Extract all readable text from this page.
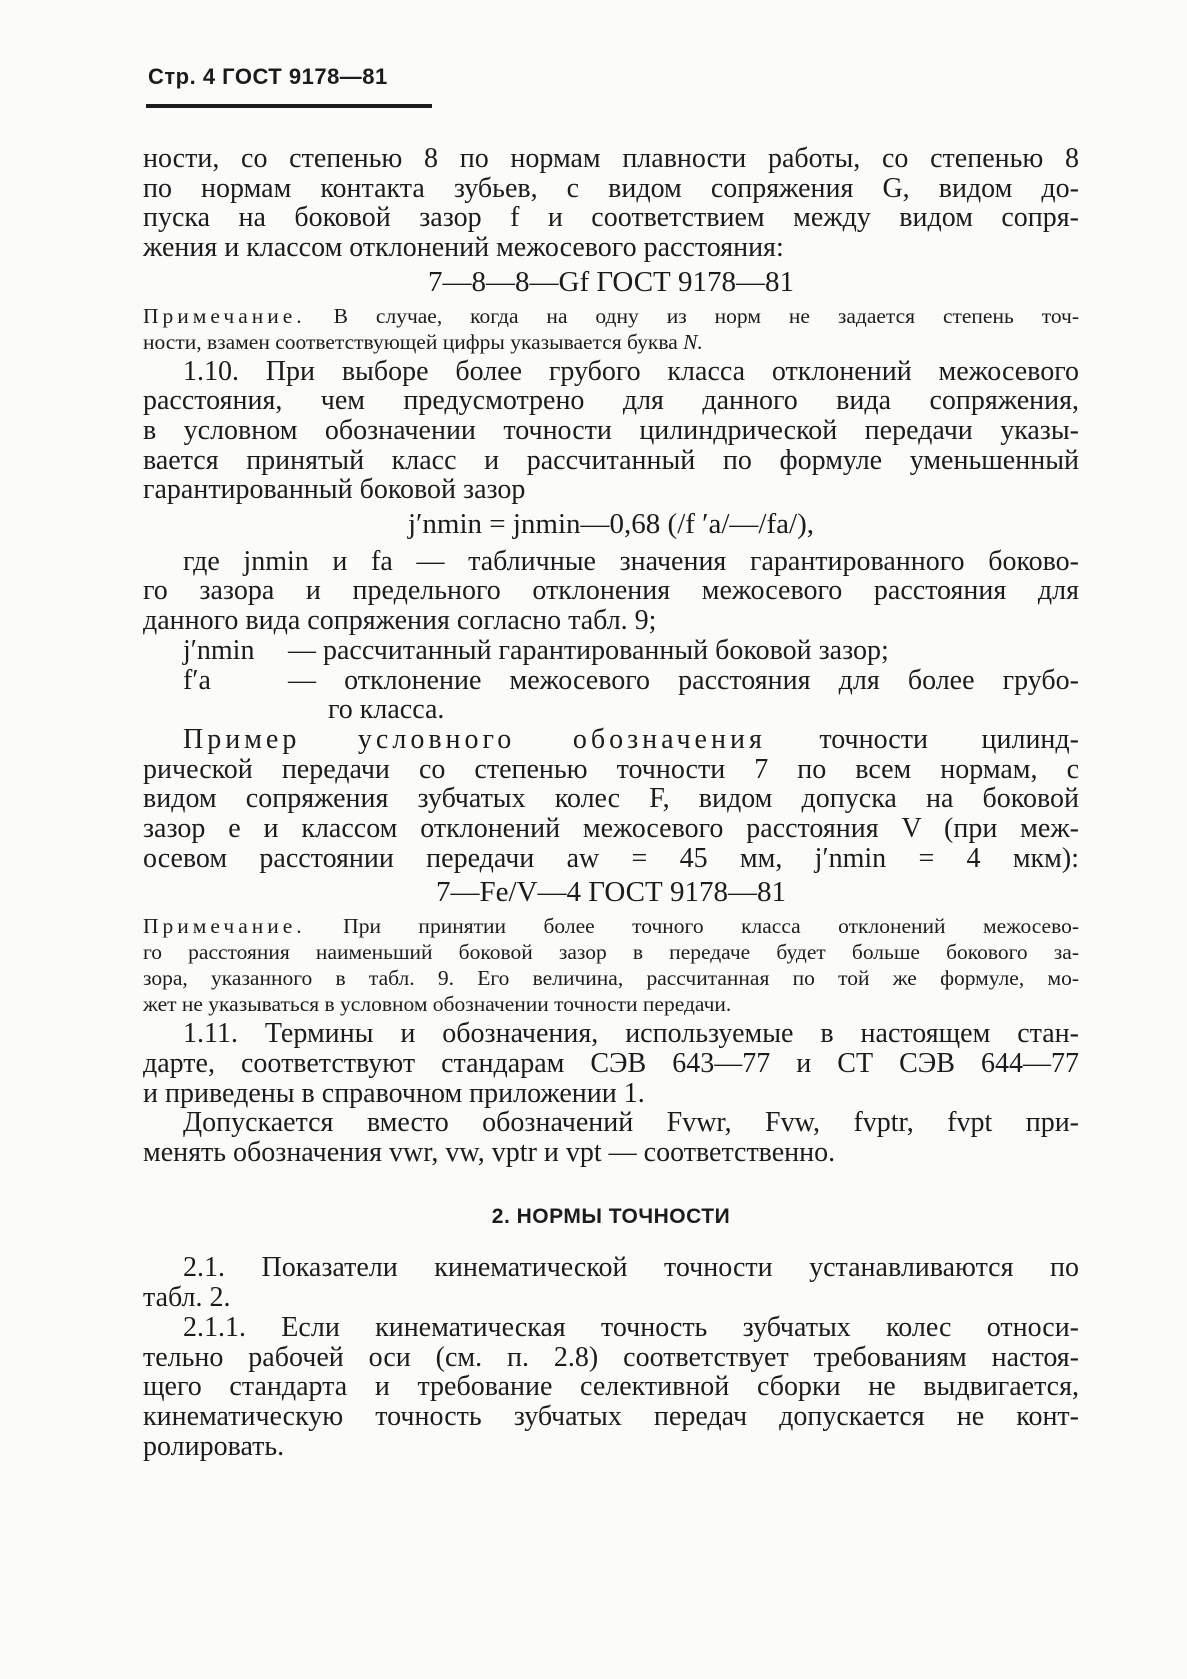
Стр. 4 ГОСТ 9178—81

ности, со степенью 8 по нормам плавности работы, со степенью 8

по нормам контакта зубьев, с видом сопряжения G, видом до-

пуска на боковой зазор f и соответствием между видом сопря-

жения и классом отклонений межосевого расстояния:

7—8—8—Gf ГОСТ 9178—81

Примечание. В случае, когда на одну из норм не задается степень точ-

ности, взамен соответствующей цифры указывается буква N.

1.10. При выборе более грубого класса отклонений межосевого

расстояния, чем предусмотрено для данного вида сопряжения,

в условном обозначении точности цилиндрической передачи указы-

вается принятый класс и рассчитанный по формуле уменьшенный

гарантированный боковой зазор

j′nmin = jnmin—0,68 (/f ′a/—/fa/),

где jnmin и fa — табличные значения гарантированного боково-

го зазора и предельного отклонения межосевого расстояния для

данного вида сопряжения согласно табл. 9;

j′nmin	— рассчитанный гарантированный боковой зазор;
f′a	— отклонение межосевого расстояния для более грубо-

го класса.

Пример условного обозначения точности цилинд-

рической передачи со степенью точности 7 по всем нормам, с

видом сопряжения зубчатых колес F, видом допуска на боковой

зазор e и классом отклонений межосевого расстояния V (при меж-

осевом расстоянии передачи aw = 45 мм, j′nmin = 4 мкм):

7—Fe/V—4 ГОСТ 9178—81

Примечание. При принятии более точного класса отклонений межосево-

го расстояния наименьший боковой зазор в передаче будет больше бокового за-

зора, указанного в табл. 9. Его величина, рассчитанная по той же формуле, мо-

жет не указываться в условном обозначении точности передачи.

1.11. Термины и обозначения, используемые в настоящем стан-

дарте, соответствуют стандарам СЭВ 643—77 и СТ СЭВ 644—77

и приведены в справочном приложении 1.

Допускается вместо обозначений Fvwr, Fvw, fvptr, fvpt при-

менять обозначения vwr, vw, vptr и vpt — соответственно.

2. НОРМЫ ТОЧНОСТИ

2.1. Показатели кинематической точности устанавливаются по

табл. 2.

2.1.1. Если кинематическая точность зубчатых колес относи-

тельно рабочей оси (см. п. 2.8) соответствует требованиям настоя-

щего стандарта и требование селективной сборки не выдвигается,

кинематическую точность зубчатых передач допускается не конт-

ролировать.
